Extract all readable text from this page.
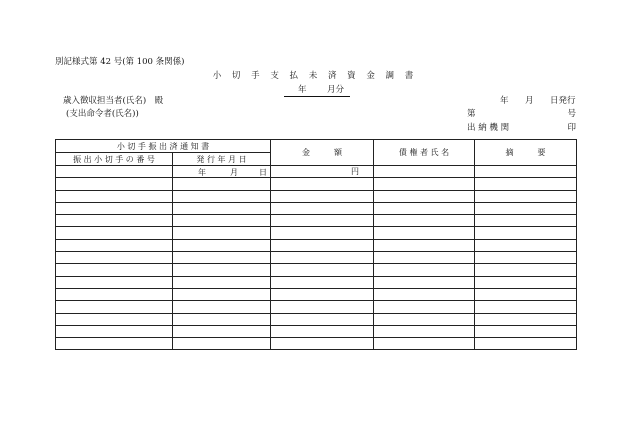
別記様式第 42 号(第 100 条関係)
小 切 手 支 払 未 済 資 金 調 書
年 月分

歳入徴収担当者(氏名)　殿
(支出命令者(氏名))
年 月 日発行
第	号
出 納 機 関	印
小 切 手 振 出 済 通 知 書		金　　　額	債 権 者 氏 名	摘　　　要
振 出 小 切 手 の 番 号	発 行 年 月 日			

	年 月 日	円		
